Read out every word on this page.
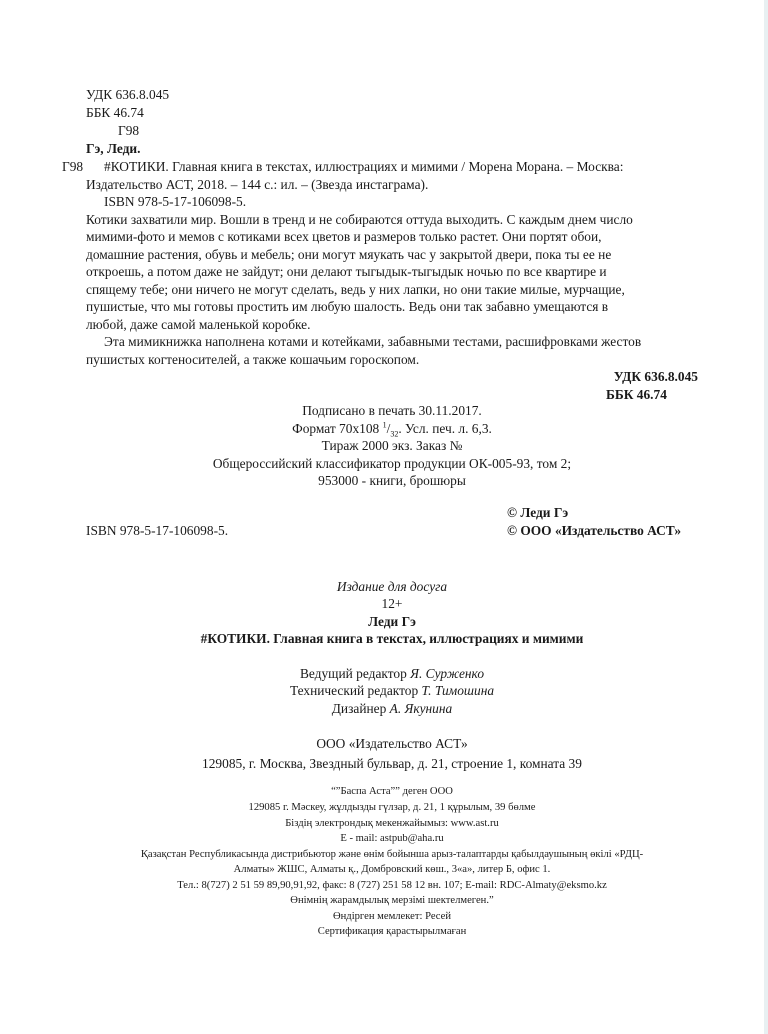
УДК 636.8.045
ББК 46.74
Г98
Гэ, Леди.
Г98 #КОТИКИ. Главная книга в текстах, иллюстрациях и мимими / Морена Морана. – Москва:
Издательство АСТ, 2018. – 144 с.: ил. – (Звезда инстаграма).
ISBN 978-5-17-106098-5.
Котики захватили мир. Вошли в тренд и не собираются оттуда выходить. С каждым днем число
мимими-фото и мемов с котиками всех цветов и размеров только растет. Они портят обои,
домашние растения, обувь и мебель; они могут мяукать час у закрытой двери, пока ты ее не
откроешь, а потом даже не зайдут; они делают тыгыдык-тыгыдык ночью по все квартире и
спящему тебе; они ничего не могут сделать, ведь у них лапки, но они такие милые, мурчащие,
пушистые, что мы готовы простить им любую шалость. Ведь они так забавно умещаются в
любой, даже самой маленькой коробке.
Эта мимикнижка наполнена котами и котейками, забавными тестами, расшифровками жестов
пушистых когтеносителей, а также кошачьим гороскопом.
УДК 636.8.045
ББК 46.74
Подписано в печать 30.11.2017.
Формат 70x108 $^1/_{32}$. Усл. печ. л. 6,3.
Тираж 2000 экз. Заказ №
Общероссийский классификатор продукции ОК-005-93, том 2;
953000 - книги, брошюры
© Леди Гэ
ISBN 978-5-17-106098-5.	© ООО «Издательство АСТ»
Издание для досуга
12+
Леди Гэ
#КОТИКИ. Главная книга в текстах, иллюстрациях и мимими
Ведущий редактор Я. Сурженко
Технический редактор Т. Тимошина
Дизайнер А. Якунина
ООО «Издательство АСТ»
129085, г. Москва, Звездный бульвар, д. 21, строение 1, комната 39
“”Баспа Аста”” деген ООО
129085 г. Мәскеу, жұлдызды гүлзар, д. 21, 1 құрылым, 39 бөлме
Біздің электрондық мекенжайымыз: www.ast.ru
E - mail: astpub@aha.ru
Қазақстан Республикасында дистрибьютор және өнім бойынша арыз-талаптарды қабылдаушының өкілі «РДЦ-
Алматы» ЖШС, Алматы қ., Домбровский көш., 3«а», литер Б, офис 1.
Тел.: 8(727) 2 51 59 89,90,91,92, факс: 8 (727) 251 58 12 вн. 107; E-mail: RDC-Almaty@eksmo.kz
Өнімнің жарамдылық мерзімі шектелмеген.”
Өндірген мемлекет: Ресей
Сертификация қарастырылмаған
